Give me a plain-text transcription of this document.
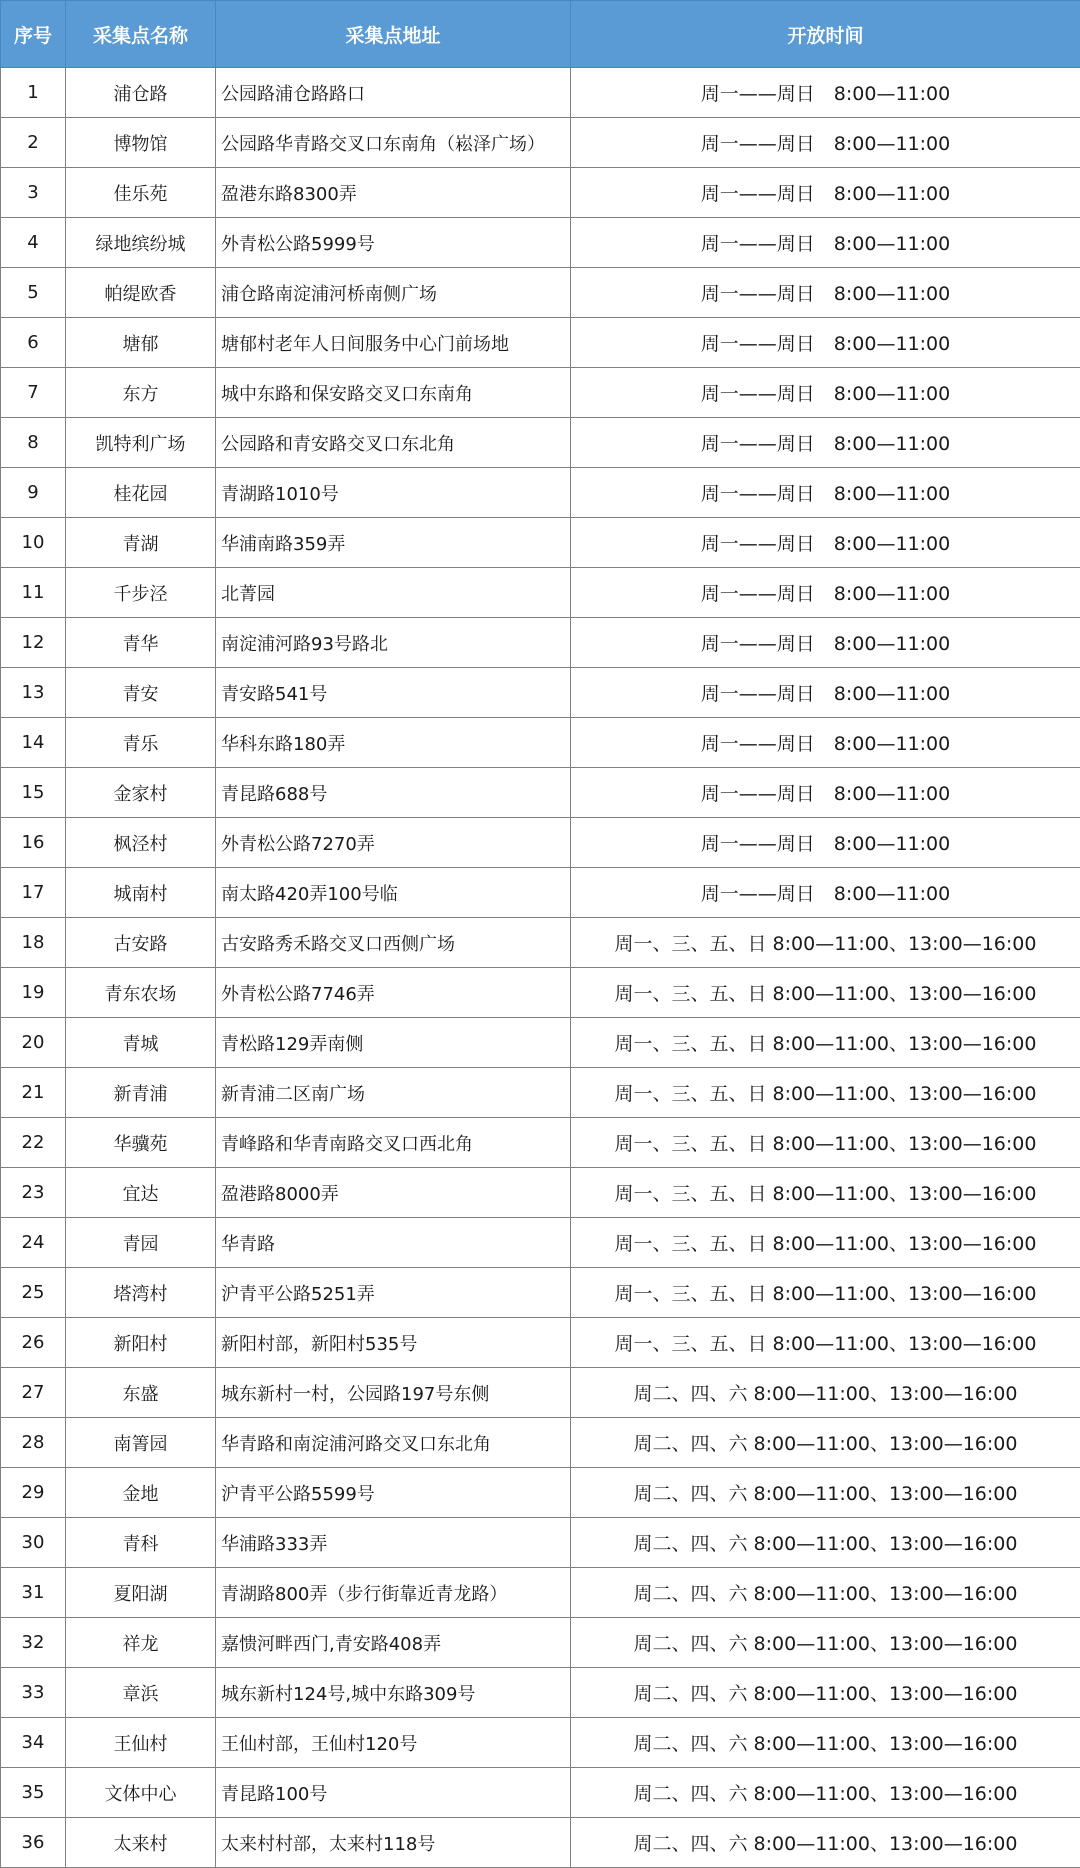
序号	采集点名称	采集点地址	开放时间
1	浦仓路	公园路浦仓路路口	周一——周日　8:00—11:00
2	博物馆	公园路华青路交叉口东南角（崧泽广场）	周一——周日　8:00—11:00
3	佳乐苑	盈港东路8300弄	周一——周日　8:00—11:00
4	绿地缤纷城	外青松公路5999号	周一——周日　8:00—11:00
5	帕缇欧香	浦仓路南淀浦河桥南侧广场	周一——周日　8:00—11:00
6	塘郁	塘郁村老年人日间服务中心门前场地	周一——周日　8:00—11:00
7	东方	城中东路和保安路交叉口东南角	周一——周日　8:00—11:00
8	凯特利广场	公园路和青安路交叉口东北角	周一——周日　8:00—11:00
9	桂花园	青湖路1010号	周一——周日　8:00—11:00
10	青湖	华浦南路359弄	周一——周日　8:00—11:00
11	千步泾	北菁园	周一——周日　8:00—11:00
12	青华	南淀浦河路93号路北	周一——周日　8:00—11:00
13	青安	青安路541号	周一——周日　8:00—11:00
14	青乐	华科东路180弄	周一——周日　8:00—11:00
15	金家村	青昆路688号	周一——周日　8:00—11:00
16	枫泾村	外青松公路7270弄	周一——周日　8:00—11:00
17	城南村	南太路420弄100号临	周一——周日　8:00—11:00
18	古安路	古安路秀禾路交叉口西侧广场	周一、三、五、日 8:00—11:00、13:00—16:00
19	青东农场	外青松公路7746弄	周一、三、五、日 8:00—11:00、13:00—16:00
20	青城	青松路129弄南侧	周一、三、五、日 8:00—11:00、13:00—16:00
21	新青浦	新青浦二区南广场	周一、三、五、日 8:00—11:00、13:00—16:00
22	华骥苑	青峰路和华青南路交叉口西北角	周一、三、五、日 8:00—11:00、13:00—16:00
23	宜达	盈港路8000弄	周一、三、五、日 8:00—11:00、13:00—16:00
24	青园	华青路	周一、三、五、日 8:00—11:00、13:00—16:00
25	塔湾村	沪青平公路5251弄	周一、三、五、日 8:00—11:00、13:00—16:00
26	新阳村	新阳村部，新阳村535号	周一、三、五、日 8:00—11:00、13:00—16:00
27	东盛	城东新村一村，公园路197号东侧	周二、四、六 8:00—11:00、13:00—16:00
28	南箐园	华青路和南淀浦河路交叉口东北角	周二、四、六 8:00—11:00、13:00—16:00
29	金地	沪青平公路5599号	周二、四、六 8:00—11:00、13:00—16:00
30	青科	华浦路333弄	周二、四、六 8:00—11:00、13:00—16:00
31	夏阳湖	青湖路800弄（步行街靠近青龙路）	周二、四、六 8:00—11:00、13:00—16:00
32	祥龙	嘉愦河畔西门,青安路408弄	周二、四、六 8:00—11:00、13:00—16:00
33	章浜	城东新村124号,城中东路309号	周二、四、六 8:00—11:00、13:00—16:00
34	王仙村	王仙村部，王仙村120号	周二、四、六 8:00—11:00、13:00—16:00
35	文体中心	青昆路100号	周二、四、六 8:00—11:00、13:00—16:00
36	太来村	太来村村部，太来村118号	周二、四、六 8:00—11:00、13:00—16:00
